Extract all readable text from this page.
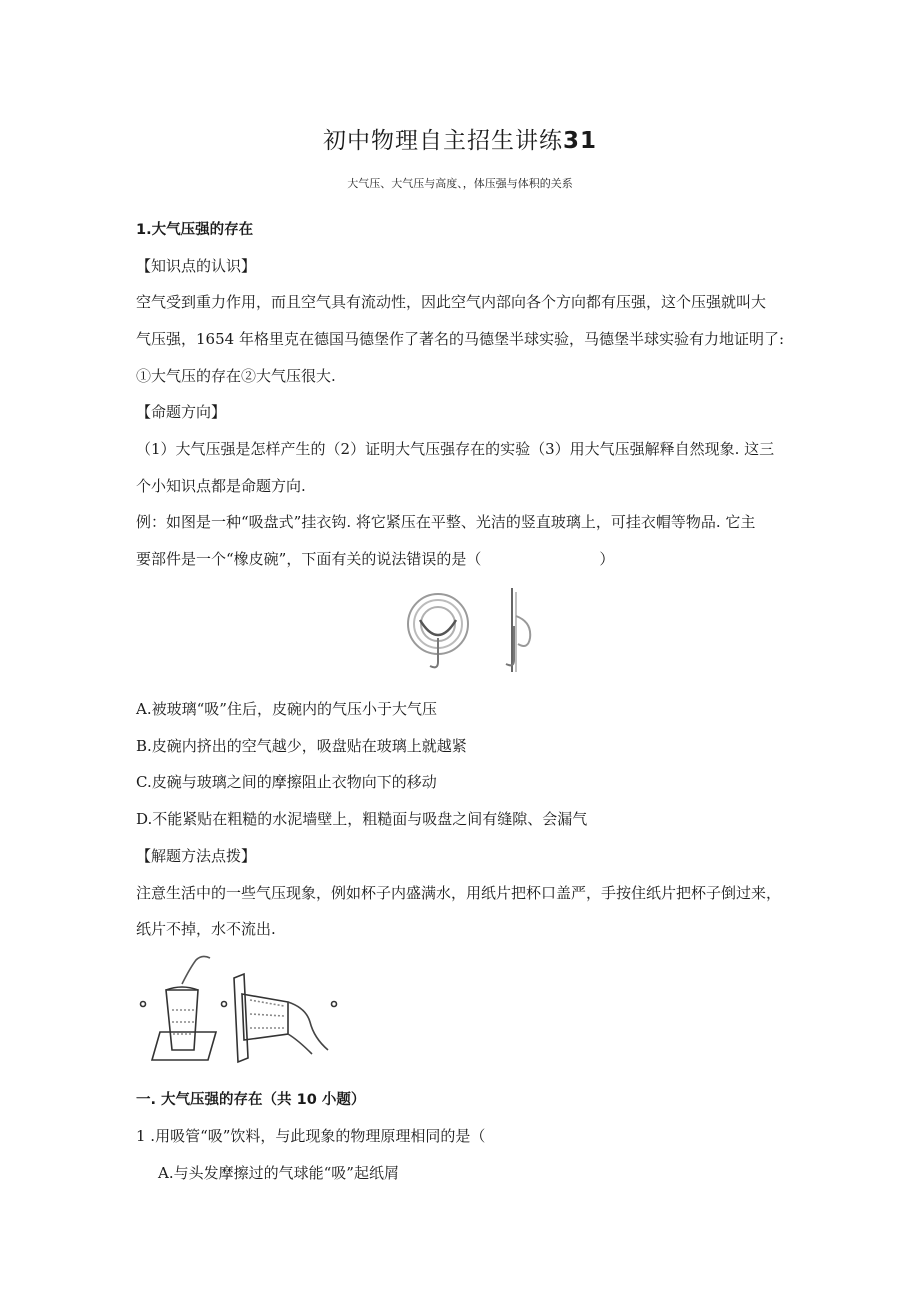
初中物理自主招生讲练31
大气压、大气压与高度、，体压强与体积的关系
1.大气压强的存在
【知识点的认识】
空气受到重力作用，而且空气具有流动性，因此空气内部向各个方向都有压强，这个压强就叫大
气压强，1654 年格里克在德国马德堡作了著名的马德堡半球实验，马德堡半球实验有力地证明了:
①大气压的存在②大气压很大.
【命题方向】
（1）大气压强是怎样产生的（2）证明大气压强存在的实验（3）用大气压强解释自然现象. 这三
个小知识点都是命题方向.
例：如图是一种“吸盘式”挂衣钩. 将它紧压在平整、光洁的竖直玻璃上，可挂衣帽等物品. 它主
要部件是一个“橡皮碗”，下面有关的说法错误的是（	）
A.被玻璃“吸”住后，皮碗内的气压小于大气压
B.皮碗内挤出的空气越少，吸盘贴在玻璃上就越紧
C.皮碗与玻璃之间的摩擦阻止衣物向下的移动
D.不能紧贴在粗糙的水泥墙壁上，粗糙面与吸盘之间有缝隙、会漏气
【解题方法点拨】
注意生活中的一些气压现象，例如杯子内盛满水，用纸片把杯口盖严，手按住纸片把杯子倒过来，
纸片不掉，水不流出.
一. 大气压强的存在（共 10 小题）
1 .用吸管“吸”饮料，与此现象的物理原理相同的是（
A.与头发摩擦过的气球能“吸”起纸屑
